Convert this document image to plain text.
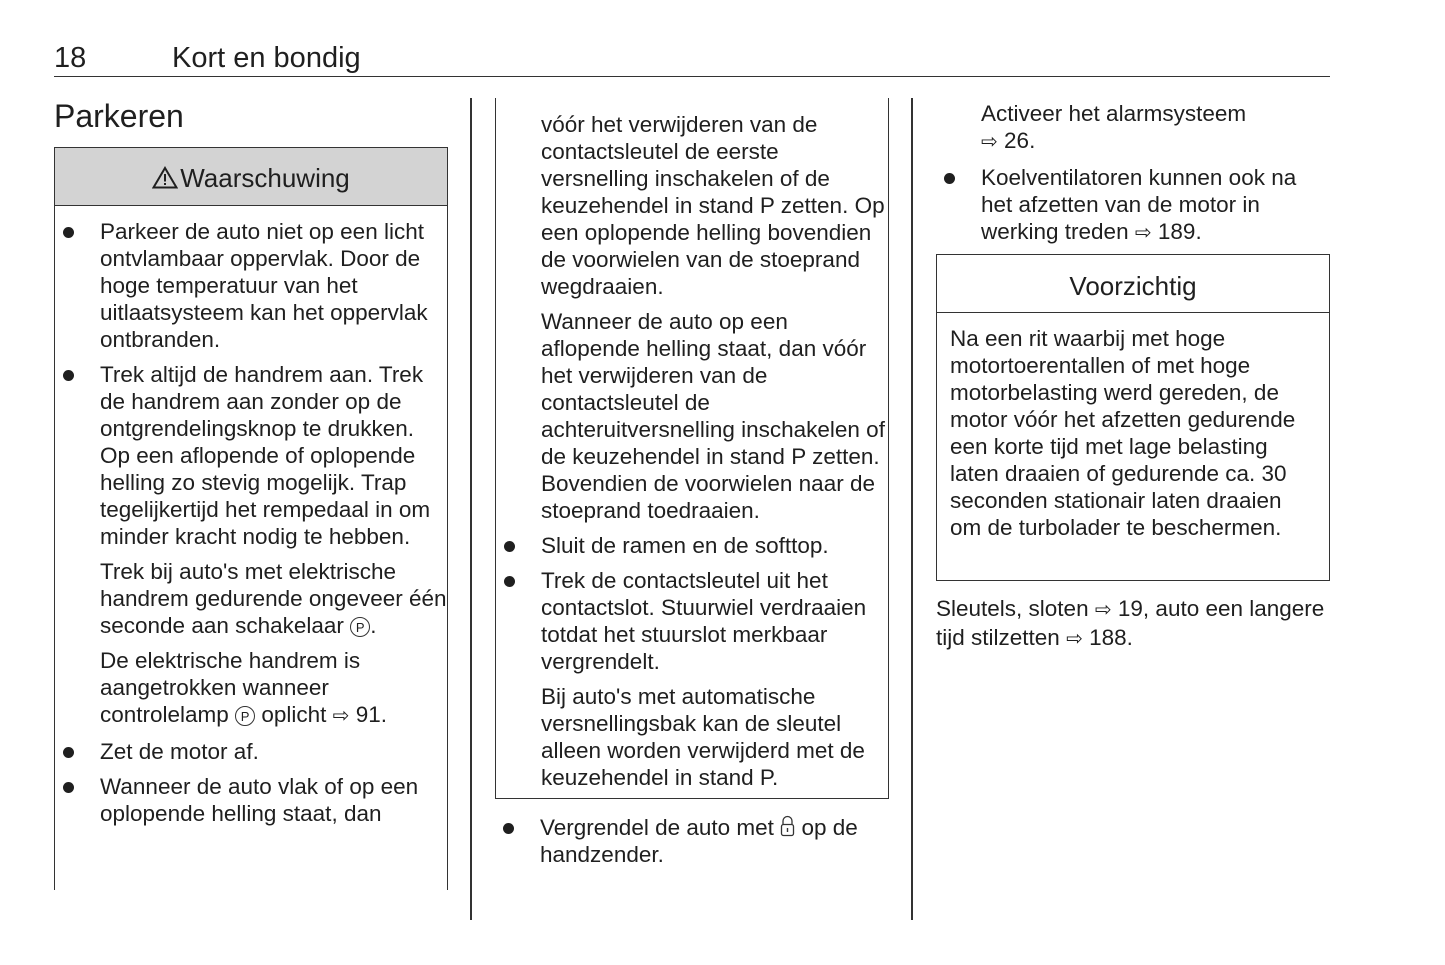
18	Kort en bondig
Parkeren
Waarschuwing
Parkeer de auto niet op een licht ontvlambaar oppervlak. Door de hoge temperatuur van het uitlaatsysteem kan het oppervlak ontbranden.
Trek altijd de handrem aan. Trek de handrem aan zonder op de ontgrendelingsknop te drukken. Op een aflopende of oplopende helling zo stevig mogelijk. Trap tegelijkertijd het rempedaal in om minder kracht nodig te hebben.
Trek bij auto's met elektrische handrem gedurende ongeveer één seconde aan schakelaar P .
De elektrische handrem is aangetrokken wanneer controlelamp P oplicht ⇨ 91.
Zet de motor af.
Wanneer de auto vlak of op een oplopende helling staat, dan
vóór het verwijderen van de contactsleutel de eerste versnelling inschakelen of de keuzehendel in stand P zetten. Op een oplopende helling bovendien de voorwielen van de stoeprand wegdraaien.
Wanneer de auto op een aflopende helling staat, dan vóór het verwijderen van de contactsleutel de achteruitversnelling inschakelen of de keuzehendel in stand P zetten. Bovendien de voorwielen naar de stoeprand toedraaien.
Sluit de ramen en de softtop.
Trek de contactsleutel uit het contactslot. Stuurwiel verdraaien totdat het stuurslot merkbaar vergrendelt.
Bij auto's met automatische versnellingsbak kan de sleutel alleen worden verwijderd met de keuzehendel in stand P.
Vergrendel de auto met op de handzender.
Activeer het alarmsysteem
⇨ 26.
Koelventilatoren kunnen ook na het afzetten van de motor in werking treden ⇨ 189.
Voorzichtig
Na een rit waarbij met hoge motortoerentallen of met hoge motorbelasting werd gereden, de motor vóór het afzetten gedurende een korte tijd met lage belasting laten draaien of gedurende ca. 30 seconden stationair laten draaien om de turbolader te beschermen.
Sleutels, sloten ⇨ 19, auto een langere tijd stilzetten ⇨ 188.
